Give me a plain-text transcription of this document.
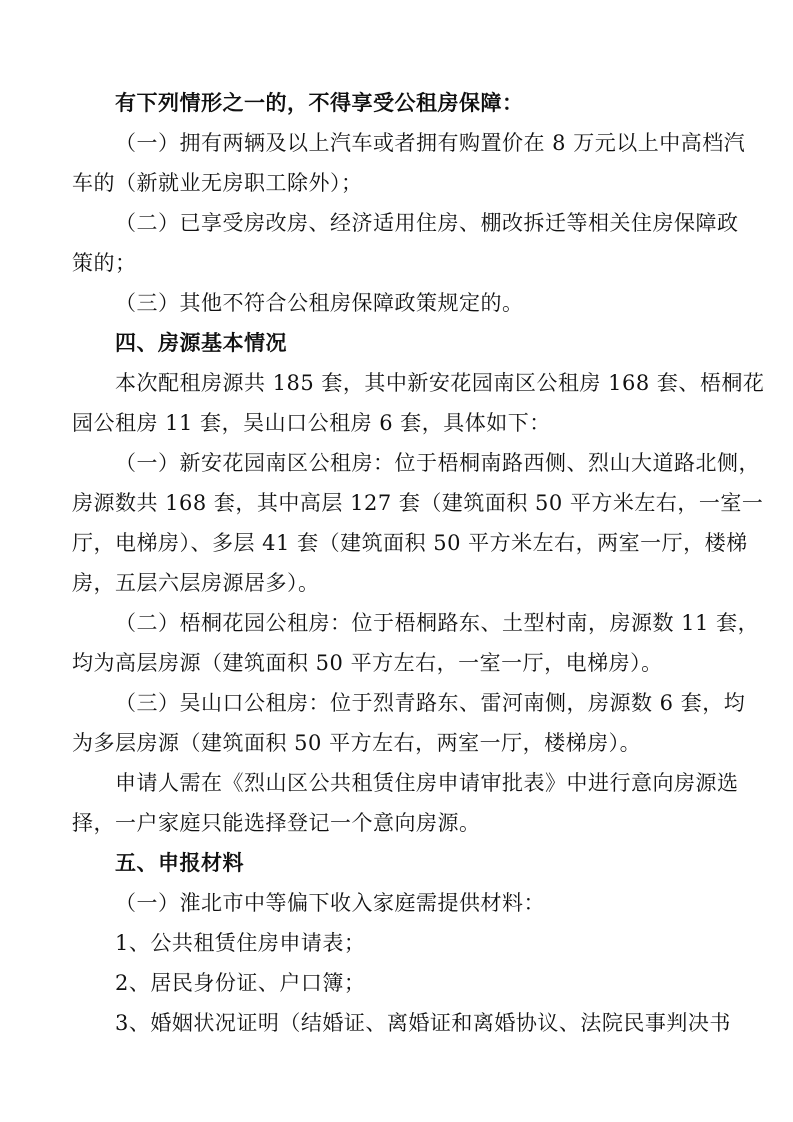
有下列情形之一的，不得享受公租房保障：
（一）拥有两辆及以上汽车或者拥有购置价在 8 万元以上中高档汽
车的（新就业无房职工除外）；
（二）已享受房改房、经济适用住房、棚改拆迁等相关住房保障政
策的；
（三）其他不符合公租房保障政策规定的。
四、房源基本情况
本次配租房源共 185 套，其中新安花园南区公租房 168 套、梧桐花
园公租房 11 套，吴山口公租房 6 套，具体如下：
（一）新安花园南区公租房：位于梧桐南路西侧、烈山大道路北侧，
房源数共 168 套，其中高层 127 套（建筑面积 50 平方米左右，一室一
厅，电梯房）、多层 41 套（建筑面积 50 平方米左右，两室一厅，楼梯
房，五层六层房源居多）。
（二）梧桐花园公租房：位于梧桐路东、土型村南，房源数 11 套，
均为高层房源（建筑面积 50 平方左右，一室一厅，电梯房）。
（三）吴山口公租房：位于烈青路东、雷河南侧，房源数 6 套，均
为多层房源（建筑面积 50 平方左右，两室一厅，楼梯房）。
申请人需在《烈山区公共租赁住房申请审批表》中进行意向房源选
择，一户家庭只能选择登记一个意向房源。
五、申报材料
（一）淮北市中等偏下收入家庭需提供材料：
1、公共租赁住房申请表；
2、居民身份证、户口簿；
3、婚姻状况证明（结婚证、离婚证和离婚协议、法院民事判决书
